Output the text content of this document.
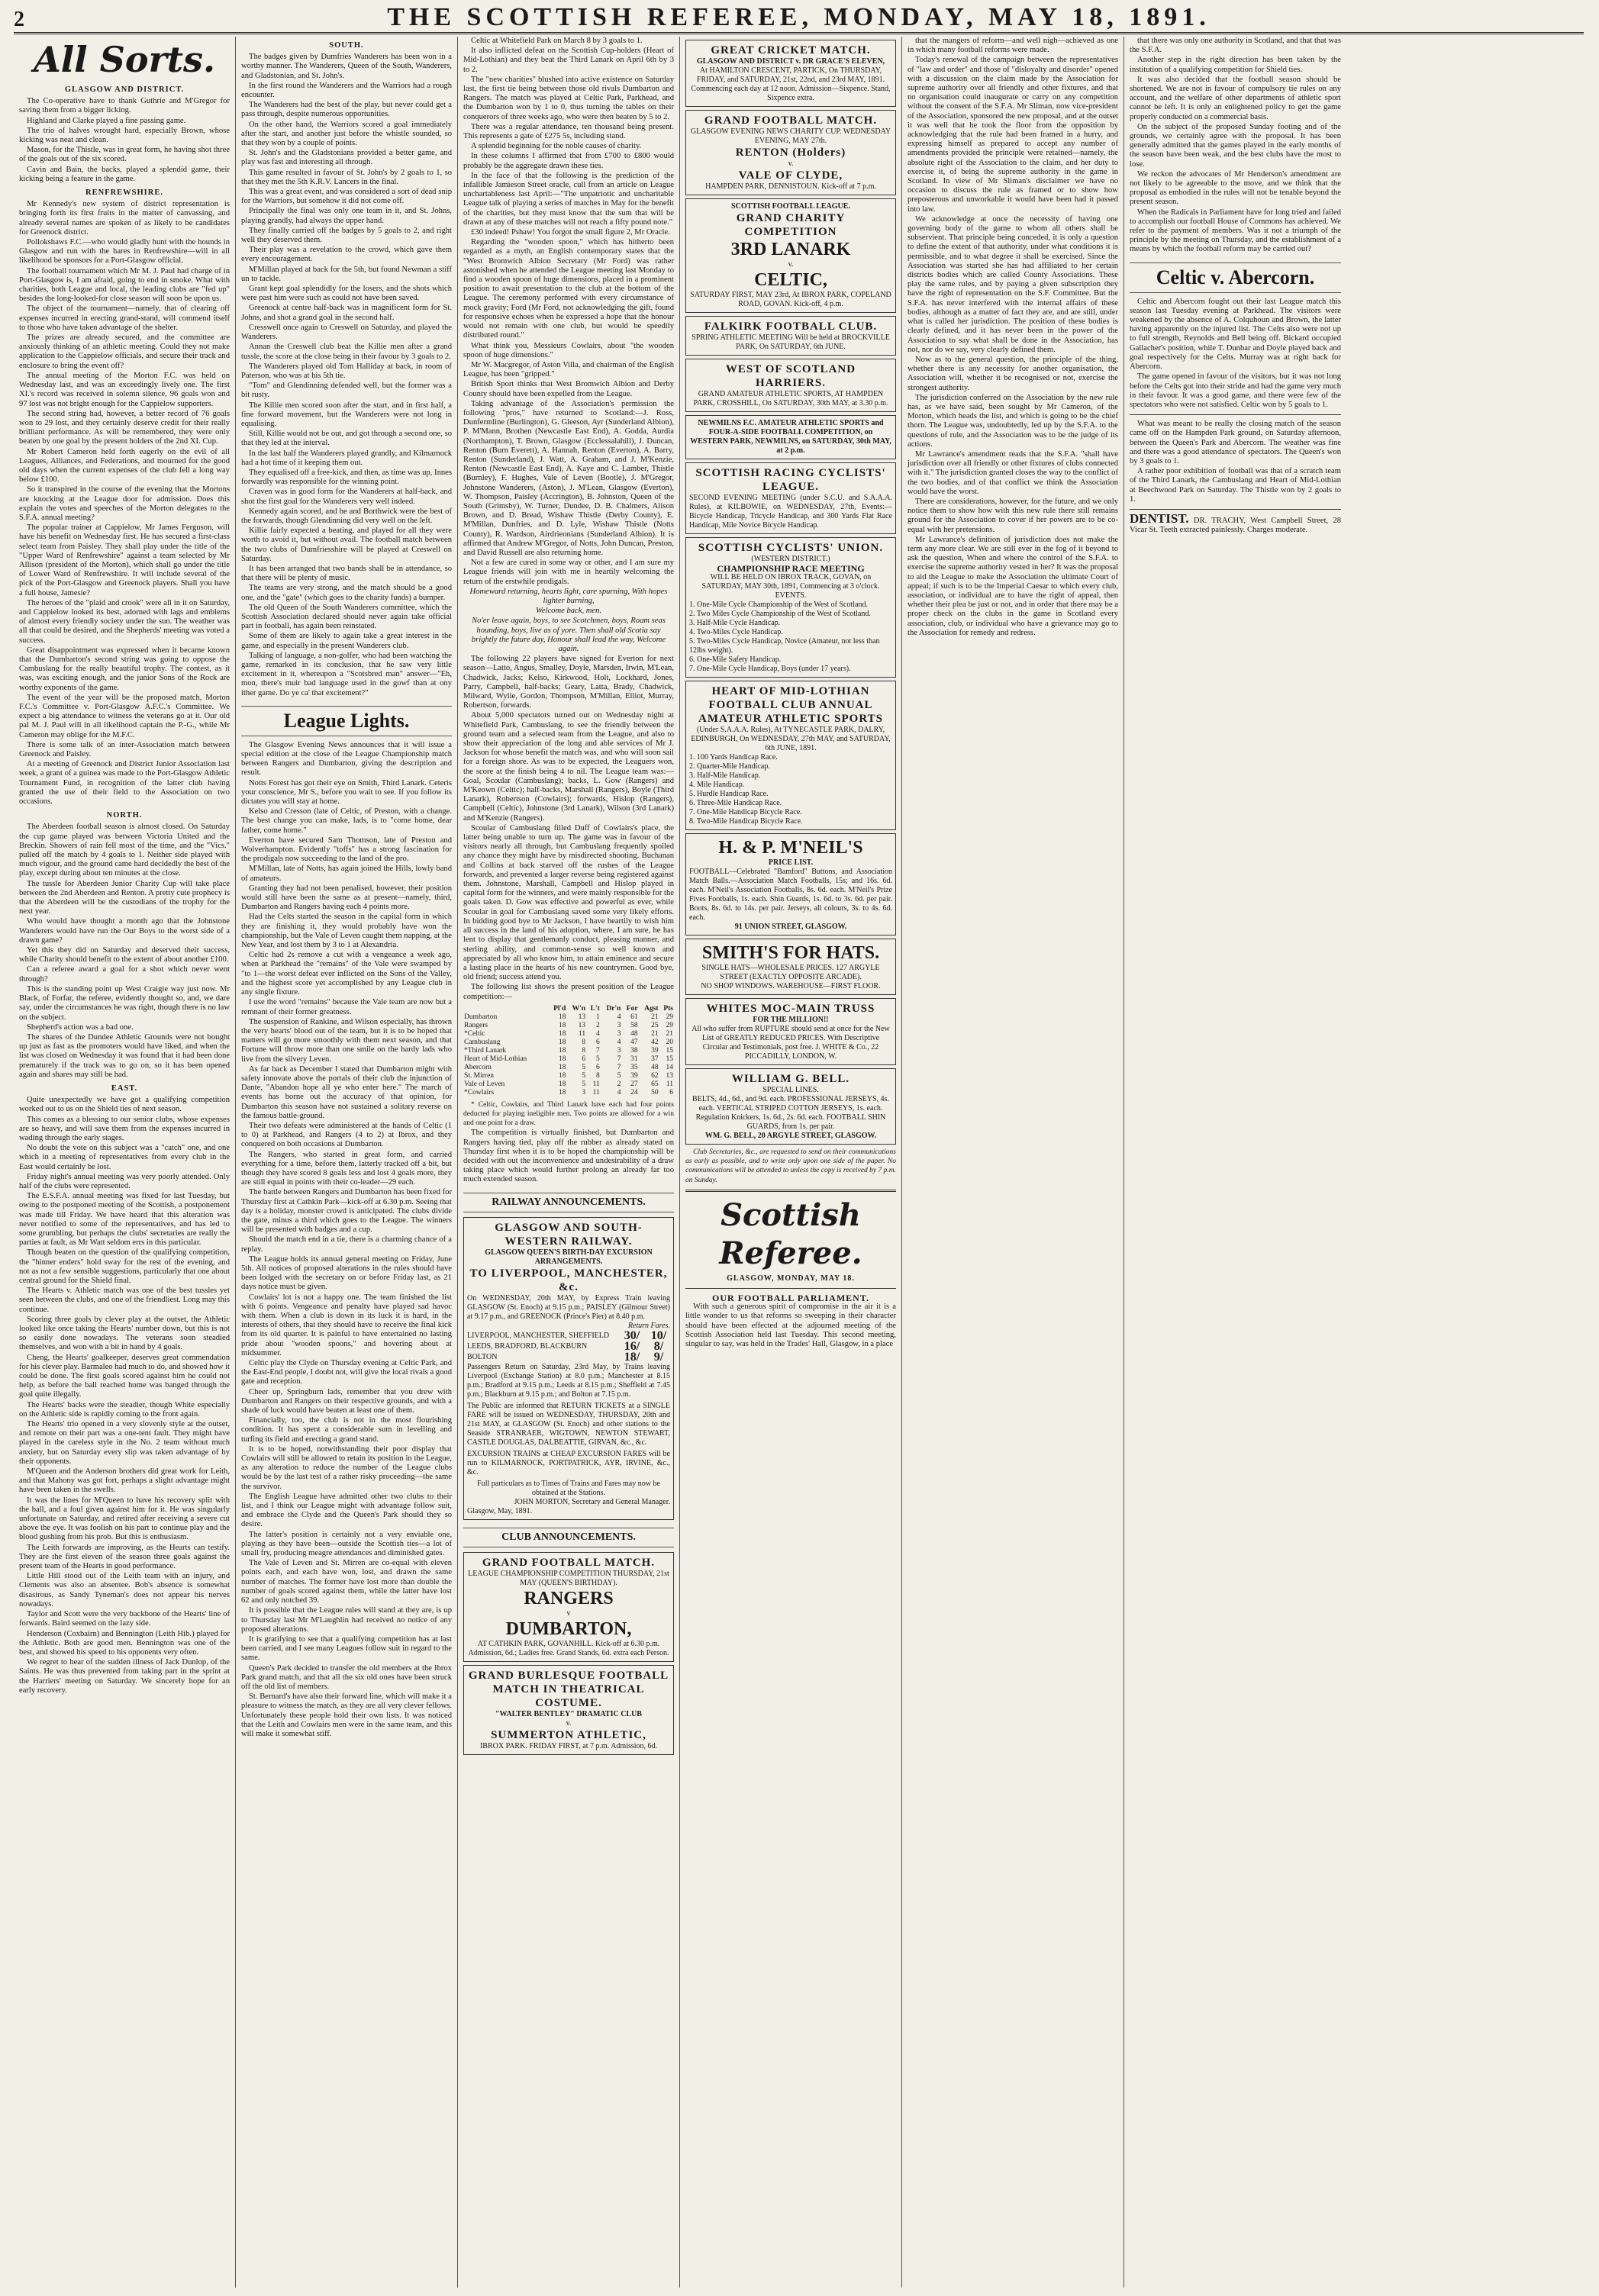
2	THE SCOTTISH REFEREE, MONDAY, MAY 18, 1891.
All Sorts.
GLASGOW AND DISTRICT.

The Co-operative have to thank Guthrie and M'Gregor for saving them from a bigger licking.

Highland and Clarke played a fine passing game.

The trio of halves wrought hard, especially Brown, whose kicking was neat and clean.

Mason, for the Thistle, was in great form, he having shot three of the goals out of the six scored.

Cavin and Bain, the backs, played a splendid game, their kicking being a feature in the game.

RENFREWSHIRE.

Mr Kennedy's new system of district representation is bringing forth its first fruits in the matter of canvassing, and already several names are spoken of as likely to be candidates for Greenock district.

Pollokshaws F.C.—who would gladly hunt with the hounds in Glasgow and run with the hares in Renfrewshire—will in all likelihood be sponsors for a Port-Glasgow official.

The football tournament which Mr M. J. Paul had charge of in Port-Glasgow is, I am afraid, going to end in smoke. What with charities, both League and local, the leading clubs are "fed up" besides the long-looked-for close season will soon be upon us.

The object of the tournament—namely, that of clearing off expenses incurred in erecting grand-stand, will commend itself to those who have taken advantage of the shelter.

The prizes are already secured, and the committee are anxiously thinking of an athletic meeting. Could they not make application to the Cappielow officials, and secure their track and enclosure to bring the event off?

The annual meeting of the Morton F.C. was held on Wednesday last, and was an exceedingly lively one. The first XI.'s record was received in solemn silence, 96 goals won and 97 lost was not bright enough for the Cappielow supporters.

The second string had, however, a better record of 76 goals won to 29 lost, and they certainly deserve credit for their really brilliant performance. As will be remembered, they were only beaten by one goal by the present holders of the 2nd XI. Cup.

Mr Robert Cameron held forth eagerly on the evil of all Leagues, Alliances, and Federations, and mourned for the good old days when the current expenses of the club fell a long way below £100.

So it transpired in the course of the evening that the Mortons are knocking at the League door for admission. Does this explain the votes and speeches of the Morton delegates to the S.F.A. annual meeting?

The popular trainer at Cappielow, Mr James Ferguson, will have his benefit on Wednesday first. He has secured a first-class select team from Paisley. They shall play under the title of the "Upper Ward of Renfrewshire" against a team selected by Mr Allison (president of the Morton), which shall go under the title of Lower Ward of Renfrewshire. It will include several of the pick of the Port-Glasgow and Greenock players. Shall you have a full house, Jamesie?

The heroes of the "plaid and crook" were all in it on Saturday, and Cappielow looked its best, adorned with lags and emblems of almost every friendly society under the sun. The weather was all that could be desired, and the Shepherds' meeting was voted a success.

Great disappointment was expressed when it became known that the Dumbarton's second string was going to oppose the Cambuslang for the really beautiful trophy. The contest, as it was, was exciting enough, and the junior Sons of the Rock are worthy exponents of the game.

The event of the year will be the proposed match, Morton F.C.'s Committee v. Port-Glasgow A.F.C.'s Committee. We expect a big attendance to witness the veterans go at it. Our old pal M. J. Paul will in all likelihood captain the P.-G., while Mr Cameron may oblige for the M.F.C.

There is some talk of an inter-Association match between Greenock and Paisley.

At a meeting of Greenock and District Junior Association last week, a grant of a guinea was made to the Port-Glasgow Athletic Tournament Fund, in recognition of the latter club having granted the use of their field to the Association on two occasions.

NORTH.

The Aberdeen football season is almost closed. On Saturday the cup game played was between Victoria United and the Breckin. Showers of rain fell most of the time, and the "Vics." pulled off the match by 4 goals to 1. Neither side played with much vigour, and the ground came hard decidedly the best of the play, except during about ten minutes at the close.

The tussle for Aberdeen Junior Charity Cup will take place between the 2nd Aberdeen and Renton. A pretty cute prophecy is that the Aberdeen will be the custodians of the trophy for the next year.

Who would have thought a month ago that the Johnstone Wanderers would have run the Our Boys to the worst side of a drawn game?

Yet this they did on Saturday and deserved their success, while Charity should benefit to the extent of about another £100.

Can a referee award a goal for a shot which never went through?

This is the standing point up West Craigie way just now. Mr Black, of Forfar, the referee, evidently thought so, and, we dare say, under the circumstances he was right, though there is no law on the subject.

Shepherd's action was a bad one.

The shares of the Dundee Athletic Grounds were not bought up just as fast as the promoters would have liked, and when the list was closed on Wednesday it was found that it had been done prematurely if the track was to go on, so it has been opened again and shares may still be had.

EAST.

Quite unexpectedly we have got a qualifying competition worked out to us on the Shield ties of next season.

This comes as a blessing to our senior clubs, whose expenses are so heavy, and will save them from the expenses incurred in wading through the early stages.

No doubt the vote on this subject was a "catch" one, and one which in a meeting of representatives from every club in the East would certainly be lost.

Friday night's annual meeting was very poorly attended. Only half of the clubs were represented.

The E.S.F.A. annual meeting was fixed for last Tuesday, but owing to the postponed meeting of the Scottish, a postponement was made till Friday. We have heard that this alteration was never notified to some of the representatives, and has led to some grumbling, but perhaps the clubs' secretaries are really the parties at fault, as Mr Watt seldom errs in this particular.

Though beaten on the question of the qualifying competition, the "hinner enders" hold sway for the rest of the evening, and not as not a few sensible suggestions, particularly that one about central ground for the Shield final.

The Hearts v. Athletic match was one of the best tussles yet seen between the clubs, and one of the friendliest. Long may this continue.

Scoring three goals by clever play at the outset, the Athletic looked like once taking the Hearts' number down, but this is not so easily done nowadays. The veterans soon steadied themselves, and won with a bit in hand by 4 goals.

Cheng, the Hearts' goalkeeper, deserves great commendation for his clever play. Barmaleo had much to do, and showed how it could be done. The first goals scored against him he could not help, as before the ball reached home was banged through the goal quite illegally.

The Hearts' backs were the steadier, though White especially on the Athletic side is rapidly coming to the front again.

The Hearts' trio opened in a very slovenly style at the outset, and remote on their part was a one-tent fault. They might have played in the careless style in the No. 2 team without much anxiety, but on Saturday every slip was taken advantage of by their opponents.

M'Queen and the Anderson brothers did great work for Leith, and that Mahony was got fort, perhaps a slight advantage might have been taken in the swells.

It was the lines for M'Queen to have his recovery split with the ball, and a foul given against him for it. He was singularly unfortunate on Saturday, and retired after receiving a severe cut above the eye. It was foolish on his part to continue play and the blood gushing from his prob. But this is enthusiasm.

The Leith forwards are improving, as the Hearts can testify. They are the first eleven of the season three goals against the present team of the Hearts in good performance.

Little Hill stood out of the Leith team with an injury, and Clements was also an absentee. Bob's absence is somewhat disastrous, as Sandy Tyneman's does not appear his nerves nowadays.

Taylor and Scott were the very backbone of the Hearts' line of forwards. Baird seemed on the lazy side.

Henderson (Coxbairn) and Bennington (Leith Hib.) played for the Athletic. Both are good men. Bennington was one of the best, and showed his speed to his opponents very often.

We regret to hear of the sudden illness of Jack Dunlop, of the Saints. He was thus prevented from taking part in the sprint at the Harriers' meeting on Saturday. We sincerely hope for an early recovery.

SOUTH.

The badges given by Dumfries Wanderers has been won in a worthy manner. The Wanderers, Queen of the South, Wanderers, and Gladstonian, and St. John's.

In the first round the Wanderers and the Warriors had a rough encounter.

The Wanderers had the best of the play, but never could get a pass through, despite numerous opportunities.

On the other hand, the Warriors scored a goal immediately after the start, and another just before the whistle sounded, so that they won by a couple of points.

St. John's and the Gladstonians provided a better game, and play was fast and interesting all through.

This game resulted in favour of St. John's by 2 goals to 1, so that they met the 5th K.R.V. Lancers in the final.

This was a great event, and was considered a sort of dead snip for the Warriors, but somehow it did not come off.

Principally the final was only one team in it, and St. Johns, playing grandly, had always the upper hand.

They finally carried off the badges by 5 goals to 2, and right well they deserved them.

Their play was a revelation to the crowd, which gave them every encouragement.

M'Millan played at back for the 5th, but found Newman a stiff un to tackle.

Grant kept goal splendidly for the losers, and the shots which were past him were such as could not have been saved.

Greenock at centre half-back was in magnificent form for St. Johns, and shot a grand goal in the second half.

Cresswell once again to Creswell on Saturday, and played the Wanderers.

Annan the Creswell club beat the Killie men after a grand tussle, the score at the close being in their favour by 3 goals to 2.

The Wanderers played old Tom Halliday at back, in room of Paterson, who was at his 5th tie.

"Tom" and Glendinning defended well, but the former was a bit rusty.

The Killie men scored soon after the start, and in first half, a fine forward movement, but the Wanderers were not long in equalising.

Still, Killie would not be out, and got through a second one, so that they led at the interval.

In the last half the Wanderers played grandly, and Kilmarnock had a hot time of it keeping them out.

They equalised off a free-kick, and then, as time was up, Innes forwardly was responsible for the winning point.

Craven was in good form for the Wanderers at half-back, and shot the first goal for the Wanderers very well indeed.

Kennedy again scored, and he and Borthwick were the best of the forwards, though Glendinning did very well on the left.

Killie fairly expected a beating, and played for all they were worth to avoid it, but without avail. The football match between the two clubs of Dumfriesshire will be played at Creswell on Saturday.

It has been arranged that two bands shall be in attendance, so that there will be plenty of music.

The teams are very strong, and the match should be a good one, and the "gate" (which goes to the charity funds) a bumper.

The old Queen of the South Wanderers committee, which the Scottish Association declared should never again take official part in football, has again been reinstated.

Some of them are likely to again take a great interest in the game, and especially in the present Wanderers club.

Talking of language, a non-golfer, who had been watching the game, remarked in its conclusion, that he saw very little excitement in it, whereupon a "Scotsbred man" answer—"Eh, mon, there's muir bad language used in the gowf than at ony ither game. Do ye ca' that excitement?"

League Lights.

The Glasgow Evening News announces that it will issue a special edition at the close of the League Championship match between Rangers and Dumbarton, giving the description and result.

Notts Forest has got their eye on Smith, Third Lanark. Ceteris your conscience, Mr S., before you wait to see. If you follow its dictates you will stay at home.

Kelso and Cresson (late of Celtic, of Preston, with a change. The best change you can make, lads, is to "come home, dear father, come home."

Everton have secured Sam Thomson, late of Preston and Wolverhampton. Evidently "toffs" has a strong fascination for the prodigals now succeeding to the land of the pro.

M'Millan, late of Notts, has again joined the Hills, lowly band of amateurs.

Granting they had not been penalised, however, their position would still have been the same as at present—namely, third, Dumbarton and Rangers having each 4 points more.

Had the Celts started the season in the capital form in which they are finishing it, they would probably have won the championship, but the Vale of Leven caught them napping, at the New Year, and lost them by 3 to 1 at Alexandria.

Celtic had 2s remove a cut with a vengeance a week ago, when at Parkhead the "remains" of the Vale were swamped by "to 1—the worst defeat ever inflicted on the Sons of the Valley, and the highest score yet accomplished by any League club in any single fixture.

I use the word "remains" because the Vale team are now but a remnant of their former greatness.

The suspension of Rankine, and Wilson especially, has thrown the very hearts' blood out of the team, but it is to be hoped that matters will go more smoothly with them next season, and that Fortune will throw more than one smile on the hardy lads who live from the silvery Leven.

As far back as December I stated that Dumbarton might with safety innovate above the portals of their club the injunction of Dante, "Abandon hope all ye who enter here." The march of events has borne out the accuracy of that opinion, for Dumbarton this season have not sustained a solitary reverse on the famous battle-ground.

Their two defeats were administered at the hands of Celtic (1 to 0) at Parkhead, and Rangers (4 to 2) at Ibrox, and they conquered on both occasions at Dumbarton.

The Rangers, who started in great form, and carried everything for a time, before them, latterly tracked off a bit, but though they have scored 8 goals less and lost 4 goals more, they are still equal in points with their co-leader—29 each.

The battle between Rangers and Dumbarton has been fixed for Thursday first at Cathkin Park—kick-off at 6.30 p.m. Seeing that day is a holiday, monster crowd is anticipated. The clubs divide the gate, minus a third which goes to the League. The winners will be presented with badges and a cup.

Should the match end in a tie, there is a charming chance of a replay.

The League holds its annual general meeting on Friday, June 5th. All notices of proposed alterations in the rules should have been lodged with the secretary on or before Friday last, as 21 days notice must be given.

Cowlairs' lot is not a happy one. The team finished the list with 6 points. Vengeance and penalty have played sad havoc with them. When a club is down in its luck it is hard, in the interests of others, that they should have to receive the final kick from its old quarter. It is painful to have entertained no lasting pride about "wooden spoons," and hovering about at midsummer.

Celtic play the Clyde on Thursday evening at Celtic Park, and the East-End people, I doubt not, will give the local rivals a good gate and reception.

Cheer up, Springburn lads, remember that you drew with Dumbarton and Rangers on their respective grounds, and with a shade of luck would have beaten at least one of them.

Financially, too, the club is not in the most flourishing condition. It has spent a considerable sum in levelling and turfing its field and erecting a grand stand.

It is to be hoped, notwithstanding their poor display that Cowlairs will still be allowed to retain its position in the League, as any alteration to reduce the number of the League clubs would be by the last test of a rather risky proceeding—the same the survivor.

The English League have admitted other two clubs to their list, and I think our League might with advantage follow suit, and embrace the Clyde and the Queen's Park should they so desire.

The latter's position is certainly not a very enviable one, playing as they have been—outside the Scottish ties—a lot of small fry, producing meagre attendances and diminished gates.

The Vale of Leven and St. Mirren are co-equal with eleven points each, and each have won, lost, and drawn the same number of matches. The former have lost more than double the number of goals scored against them, while the latter have lost 62 and only notched 39.

It is possible that the League rules will stand at they are, is up to Thursday last Mr M'Laughlin had received no notice of any proposed alterations.

It is gratifying to see that a qualifying competition has at last been carried, and I see many Leagues follow suit in regard to the same.

Queen's Park decided to transfer the old members at the Ibrox Park grand match, and that all the six old ones have been struck off the old list of members.

St. Bernard's have also their forward line, which will make it a pleasure to witness the match, as they are all very clever fellows. Unfortunately these people hold their own lists. It was noticed that the Leith and Cowlairs men were in the same team, and this will make it somewhat stiff.

Celtic at Whitefield Park on March 8 by 3 goals to 1.

It also inflicted defeat on the Scottish Cup-holders (Heart of Mid-Lothian) and they beat the Third Lanark on April 6th by 3 to 2.

The "new charities" blushed into active existence on Saturday last, the first tie being between those old rivals Dumbarton and Rangers. The match was played at Celtic Park, Parkhead, and the Dumbarton won by 1 to 0, thus turning the tables on their conquerors of three weeks ago, who were then beaten by 5 to 2.

There was a regular attendance, ten thousand being present. This represents a gate of £275 5s, including stand.

A splendid beginning for the noble causes of charity.

In these columns I affirmed that from £700 to £800 would probably be the aggregate drawn these ties.

In the face of that the following is the prediction of the infallible Jamieson Street oracle, cull from an article on League unchartableness last April:—"The unpatriotic and uncharitable League talk of playing a series of matches in May for the benefit of the charities, but they must know that the sum that will be drawn at any of these matches will not reach a fifty pound note."

£30 indeed! Pshaw! You forgot the small figure 2, Mr Oracle.

Regarding the "wooden spoon," which has hitherto been regarded as a myth, an English contemporary states that the "West Bromwich Albion Secretary (Mr Ford) was rather astonished when he attended the League meeting last Monday to find a wooden spoon of huge dimensions, placed in a prominent position to await presentation to the club at the bottom of the League. The ceremony performed with every circumstance of mock gravity; Ford (Mr Ford, not acknowledging the gift, found for responsive echoes when he expressed a hope that the honour would not remain with one club, but would be speedily distributed round."

What think you, Messieurs Cowlairs, about "the wooden spoon of huge dimensions."

Mr W. Macgregor, of Aston Villa, and chairman of the English League, has been "gripped."

British Sport thinks that West Bromwich Albion and Derby County should have been expelled from the League.

Taking advantage of the Association's permission the following "pros," have returned to Scotland:—J. Ross, Dunfermline (Burlington), G. Gleeson, Ayr (Sunderland Albion), P. M'Mann, Brothen (Newcastle East End), A. Godda, Aurdia (Northampton), T. Brown, Glasgow (Ecclessalahill), J. Duncan, Renton (Burn Everett), A. Hannah, Renton (Everton), A. Barry, Renton (Sunderland), J. Watt, A. Graham, and J. M'Kenzie, Renton (Newcastle East End), A. Kaye and C. Lamber, Thistle (Burnley), F. Hughes, Vale of Leven (Bootle), J. M'Gregor, Johnstone Wanderers, (Aston), J. M'Lean, Glasgow (Everton), W. Thompson, Paisley (Accrington), B. Johnston, Queen of the South (Grimsby), W. Turner, Dundee, D. B. Chalmers, Alison Brown, and D. Bread, Wishaw Thistle (Derby County), E. M'Millan, Dunfries, and D. Lyle, Wishaw Thistle (Notts County), R. Wardson, Airdrieonians (Sunderland Albion). It is affirmed that Andrew M'Gregor, of Notts, John Duncan, Preston, and David Russell are also returning home.

Not a few are cured in some way or other, and I am sure my League friends will join with me in heartily welcoming the return of the erstwhile prodigals.

Homeward returning, hearts light, care spurning, With hopes lighter burning,

Welcome back, men.

No'er leave again, boys, to see Scotchmen, boys, Roam seas hounding, boys, live as of yore. Then shall old Scotia say brightly the future day, Honour shall lead the way, Welcome again.

The following 22 players have signed for Everton for next season—Latto, Angus, Smalley, Doyle, Marsden, Irwin, M'Lean, Chadwick, Jacks; Kelso, Kirkwood, Holt, Lockhard, Jones, Parry, Campbell, half-backs; Geary, Latta, Brady, Chadwick, Milward, Wylie, Gordon, Thompson, M'Millan, Elliot, Murray, Robertson, forwards.

About 5,000 spectators turned out on Wednesday night at Whitefield Park, Cambuslang, to see the friendly between the ground team and a selected team from the League, and also to show their appreciation of the long and able services of Mr J. Jackson for whose benefit the match was, and who will soon sail for a foreign shore. As was to be expected, the Leaguers won, the score at the finish being 4 to nil. The League team was:—Goal, Scoular (Cambuslang); backs, L. Gow (Rangers) and M'Keown (Celtic); half-backs, Marshall (Rangers), Boyle (Third Lanark), Robertson (Cowlairs); forwards, Hislop (Rangers), Campbell (Celtic), Johnstone (3rd Lanark), Wilson (3rd Lanark) and M'Kenzie (Rangers).

Scoular of Cambuslang filled Duff of Cowlairs's place, the latter being unable to turn up. The game was in favour of the visitors nearly all through, but Cambuslang frequently spoiled any chance they might have by misdirected shooting. Buchanan and Collins at back starved off the rushes of the League forwards, and prevented a larger reverse being registered against them. Johnstone, Marshall, Campbell and Hislop played in capital form for the winners, and were mainly responsible for the goals taken. D. Gow was effective and powerful as ever, while Scoular in goal for Cambuslang saved some very likely efforts. In bidding good bye to Mr Jackson, I have heartily to wish him all success in the land of his adoption, where, I am sure, he has lent to display that gentlemanly conduct, pleasing manner, and sterling ability, and common-sense so well known and appreciated by all who know him, to attain eminence and secure a lasting place in the hearts of his new countrymen. Good bye, old friend; success attend you.

The following list shows the present position of the League competition:—

	Pl'd	W'n	L't	Dr'n	For	Agst	Pts
Dumbarton	18	13	1	4	61	21	29
Rangers	18	13	2	3	58	25	29
*Celtic	18	11	4	3	48	21	21
Cambuslang	18	8	6	4	47	42	20
*Third Lanark	18	8	7	3	38	39	15
Heart of Mid-Lothian	18	6	5	7	31	37	15
Abercorn	18	5	6	7	35	48	14
St. Mirren	18	5	8	5	39	62	13
Vale of Leven	18	5	11	2	27	65	11
*Cowlairs	18	3	11	4	24	50	6

* Celtic, Cowlairs, and Third Lanark have each had four points deducted for playing ineligible men. Two points are allowed for a win and one point for a draw.

The competition is virtually finished, but Dumbarton and Rangers having tied, play off the rubber as already stated on Thursday first when it is to be hoped the championship will be decided with out the inconvenience and undesirability of a draw taking place which would further prolong an already far too much extended season.

RAILWAY ANNOUNCEMENTS.
GLASGOW AND SOUTH-WESTERN RAILWAY.
GLASGOW QUEEN'S BIRTH-DAY EXCURSION ARRANGEMENTS.
TO LIVERPOOL, MANCHESTER, &c.
On WEDNESDAY, 20th MAY, by Express Train leaving GLASGOW (St. Enoch) at 9.15 p.m.; PAISLEY (Gilmour Street) at 9.17 p.m., and GREENOCK (Prince's Pier) at 8.40 p.m.
Return Fares.
LIVERPOOL, MANCHESTER, SHEFFIELD	30/ 10/
LEEDS, BRADFORD, BLACKBURN	16/	8/
BOLTON	18/	9/
Passengers Return on Saturday, 23rd May, by Trains leaving Liverpool (Exchange Station) at 8.0 p.m.; Manchester at 8.15 p.m.; Bradford at 9.15 p.m.; Leeds at 8.15 p.m.; Sheffield at 7.45 p.m.; Blackburn at 9.15 p.m.; and Bolton at 7.15 p.m.
The Public are informed that RETURN TICKETS at a SINGLE FARE will be issued on WEDNESDAY, THURSDAY, 20th and 21st MAY, at GLASGOW (St. Enoch) and other stations to the Seaside STRANRAER, WIGTOWN, NEWTON STEWART, CASTLE DOUGLAS, DALBEATTIE, GIRVAN, &c., &c.
EXCURSION TRAINS at CHEAP EXCURSION FARES will be run to KILMARNOCK, PORTPATRICK, AYR, IRVINE, &c., &c.
Full particulars as to Times of Trains and Fares may now be obtained at the Stations.
JOHN MORTON, Secretary and General Manager.
Glasgow, May, 1891.
CLUB ANNOUNCEMENTS.
GRAND FOOTBALL MATCH.
LEAGUE CHAMPIONSHIP COMPETITION THURSDAY, 21st MAY (QUEEN'S BIRTHDAY).
RANGERS
v
DUMBARTON,
AT CATHKIN PARK, GOVANHILL. Kick-off at 6.30 p.m.
Admission, 6d.; Ladies free. Grand Stands, 6d. extra each Person.
GRAND BURLESQUE FOOTBALL MATCH IN THEATRICAL COSTUME.
"WALTER BENTLEY" DRAMATIC CLUB
v.
SUMMERTON ATHLETIC,
IBROX PARK. FRIDAY FIRST, at 7 p.m. Admission, 6d.
GREAT CRICKET MATCH.
GLASGOW AND DISTRICT v. DR GRACE'S ELEVEN,
At HAMILTON CRESCENT, PARTICK, On THURSDAY, FRIDAY, and SATURDAY, 21st, 22nd, and 23rd MAY, 1891. Commencing each day at 12 noon. Admission—Sixpence. Stand, Sixpence extra.
GRAND FOOTBALL MATCH.
GLASGOW EVENING NEWS CHARITY CUP. WEDNESDAY EVENING, MAY 27th.
RENTON (Holders)
v.
VALE OF CLYDE,
HAMPDEN PARK, DENNISTOUN. Kick-off at 7 p.m.
SCOTTISH FOOTBALL LEAGUE.
GRAND CHARITY COMPETITION
3RD LANARK
v.
CELTIC,
SATURDAY FIRST, MAY 23rd, At IBROX PARK, COPELAND ROAD, GOVAN. Kick-off, 4 p.m.
FALKIRK FOOTBALL CLUB.
SPRING ATHLETIC MEETING Will be held at BROCKVILLE PARK, On SATURDAY, 6th JUNE.
WEST OF SCOTLAND HARRIERS.
GRAND AMATEUR ATHLETIC SPORTS, AT HAMPDEN PARK, CROSSHILL, On SATURDAY, 30th MAY, at 3.30 p.m.
NEWMILNS F.C. AMATEUR ATHLETIC SPORTS and FOUR-A-SIDE FOOTBALL COMPETITION, on WESTERN PARK, NEWMILNS, on SATURDAY, 30th MAY, at 2 p.m.
SCOTTISH RACING CYCLISTS' LEAGUE.
SECOND EVENING MEETING (under S.C.U. and S.A.A.A. Rules), at KILBOWIE, on WEDNESDAY, 27th, Events:—Bicycle Handicap, Tricycle Handicap, and 300 Yards Flat Race Handicap, Mile Novice Bicycle Handicap.
SCOTTISH CYCLISTS' UNION.
(WESTERN DISTRICT.)
CHAMPIONSHIP RACE MEETING
WILL BE HELD ON IBROX TRACK, GOVAN, on SATURDAY, MAY 30th, 1891, Commencing at 3 o'clock. EVENTS.
1. One-Mile Cycle Championship of the West of Scotland.
2. Two Miles Cycle Championship of the West of Scotland.
3. Half-Mile Cycle Handicap.
4. Two-Miles Cycle Handicap.
5. Two-Miles Cycle Handicap, Novice (Amateur, not less than 12lbs weight).
6. One-Mile Safety Handicap.
7. One-Mile Cycle Handicap, Boys (under 17 years).
HEART OF MID-LOTHIAN FOOTBALL CLUB ANNUAL AMATEUR ATHLETIC SPORTS
(Under S.A.A.A. Rules), At TYNECASTLE PARK, DALRY, EDINBURGH, On WEDNESDAY, 27th MAY, and SATURDAY, 6th JUNE, 1891.
1. 100 Yards Handicap Race.
2. Quarter-Mile Handicap.
3. Half-Mile Handicap.
4. Mile Handicap.
5. Hurdle Handicap Race.
6. Three-Mile Handicap Race.
7. One-Mile Handicap Bicycle Race.
8. Two-Mile Handicap Bicycle Race.
H. & P. M'NEIL'S
PRICE LIST.
FOOTBALL—Celebrated "Bamford" Buttons, and Association Match Balls.—Association Match Footballs, 15s; and 16s. 6d. each. M'Neil's Association Footballs, 8s. 6d. each. M'Neil's Prize Fives Footballs, 1s. each. Shin Guards, 1s. 6d. to 3s. 6d. per pair. Boots, 8s. 6d. to 14s. per pair. Jerseys, all colours, 3s. to 4s. 6d. each.
91 UNION STREET, GLASGOW.
SMITH'S FOR HATS.
SINGLE HATS—WHOLESALE PRICES. 127 ARGYLE STREET (EXACTLY OPPOSITE ARCADE).
NO SHOP WINDOWS. WAREHOUSE—FIRST FLOOR.
WHITES MOC-MAIN TRUSS
FOR THE MILLION!!
All who suffer from RUPTURE should send at once for the New List of GREATLY REDUCED PRICES. With Descriptive Circular and Testimonials, post free. J. WHITE & Co., 22 PICCADILLY, LONDON, W.
WILLIAM G. BELL.
SPECIAL LINES.
BELTS, 4d., 6d., and 9d. each. PROFESSIONAL JERSEYS, 4s. each. VERTICAL STRIPED COTTON JERSEYS, 1s. each. Regulation Knickers, 1s. 6d., 2s. 6d. each. FOOTBALL SHIN GUARDS, from 1s. per pair.
WM. G. BELL, 20 ARGYLE STREET, GLASGOW.

Club Secretaries, &c., are requested to send on their communications as early as possible, and to write only upon one side of the paper. No communications will be attended to unless the copy is received by 7 p.m. on Sunday.

Scottish Referee.
GLASGOW, MONDAY, MAY 18.
OUR FOOTBALL PARLIAMENT.

With such a generous spirit of compromise in the air it is a little wonder to us that reforms so sweeping in their character should have been effected at the adjourned meeting of the Scottish Association held last Tuesday. This second meeting, singular to say, was held in the Trades' Hall, Glasgow, in a place

that the mangers of reform—and well nigh—achieved as one in which many football reforms were made.

Today's renewal of the campaign between the representatives of "law and order" and those of "disloyalty and disorder" opened with a discussion on the claim made by the Association for supreme authority over all friendly and other fixtures, and that no organisation could inaugurate or carry on any competition without the consent of the S.F.A. Mr Sliman, now vice-president of the Association, sponsored the new proposal, and at the outset it was well that he took the floor from the opposition by acknowledging that the rule had been framed in a hurry, and expressing himself as prepared to accept any number of amendments provided the principle were retained—namely, the absolute right of the Association to the claim, and her duty to exercise it, of being the supreme authority in the game in Scotland. In view of Mr Sliman's disclaimer we have no occasion to discuss the rule as framed or to show how preposterous and unworkable it would have been had it passed into law.

We acknowledge at once the necessity of having one governing body of the game to whom all others shall be subservient. That principle being conceded, it is only a question to define the extent of that authority, under what conditions it is permissible, and to what degree it shall be exercised. Since the Association was started she has had affiliated to her certain districts bodies which are called County Associations. These play the same rules, and by paying a given subscription they have the right of representation on the S.F. Committee. But the S.F.A. has never interfered with the internal affairs of these bodies, although as a matter of fact they are, and are still, under what is called her jurisdiction. The position of these bodies is clearly defined, and it has never been in the power of the Association to say what shall be done in the Association, has not, nor do we say, very clearly defined them.

Now as to the general question, the principle of the thing, whether there is any necessity for another organisation, the Association will, whether it be recognised or not, exercise the strongest authority.

The jurisdiction conferred on the Association by the new rule has, as we have said, been sought by Mr Cameron, of the Morton, which heads the list, and which is going to be the chief thorn. The League was, undoubtedly, led up by the S.F.A. to the questions of rule, and the Association was to be the judge of its actions.

Mr Lawrance's amendment reads that the S.F.A. "shall have jurisdiction over all friendly or other fixtures of clubs connected with it." The jurisdiction granted closes the way to the conflict of the two bodies, and of that conflict we think the Association would have the worst.

There are considerations, however, for the future, and we only notice them to show how with this new rule there still remains ground for the Association to cover if her powers are to be co-equal with her pretensions.

Mr Lawrance's definition of jurisdiction does not make the term any more clear. We are still ever in the fog of it beyond to ask the question, When and where the control of the S.F.A. to exercise the supreme authority vested in her? It was the proposal to aid the League to make the Association the ultimate Court of appeal; if such is to be the Imperial Caesar to which every club, association, or individual are to have the right of appeal, then whether their plea be just or not, and in order that there may be a proper check on the clubs in the game in Scotland every association, club, or individual who have a grievance may go to the Association for remedy and redress.

that there was only one authority in Scotland, and that that was the S.F.A.

Another step in the right direction has been taken by the institution of a qualifying competition for Shield ties.

It was also decided that the football season should be shortened. We are not in favour of compulsory tie rules on any account, and the welfare of other departments of athletic sport cannot be left. It is only an enlightened policy to get the game properly conducted on a commercial basis.

On the subject of the proposed Sunday footing and of the grounds, we certainly agree with the proposal. It has been generally admitted that the games played in the early months of the season have been weak, and the best clubs have the most to lose.

We reckon the advocates of Mr Henderson's amendment are not likely to be agreeable to the move, and we think that the proposal as embodied in the rules will not be tenable beyond the present season.

When the Radicals in Parliament have for long tried and failed to accomplish our football House of Commons has achieved. We refer to the payment of members. Was it not a triumph of the principle by the meeting on Thursday, and the establishment of a means by which the football reform may be carried out?

Celtic v. Abercorn.

Celtic and Abercorn fought out their last League match this season last Tuesday evening at Parkhead. The visitors were weakened by the absence of A. Colquhoun and Brown, the latter having apparently on the injured list. The Celts also were not up to full strength, Reynolds and Bell being off. Bickard occupied Gallacher's position, while T. Dunbar and Doyle played back and goal respectively for the Celts. Murray was at right back for Abercorn.

The game opened in favour of the visitors, but it was not long before the Celts got into their stride and had the game very much in their favour. It was a good game, and there were few of the spectators who were not satisfied. Celtic won by 5 goals to 1.

What was meant to be really the closing match of the season came off on the Hampden Park ground, on Saturday afternoon, between the Queen's Park and Abercorn. The weather was fine and there was a good attendance of spectators. The Queen's won by 3 goals to 1.

A rather poor exhibition of football was that of a scratch team of the Third Lanark, the Cambuslang and Heart of Mid-Lothian at Beechwood Park on Saturday. The Thistle won by 2 goals to 1.

DENTIST. DR. TRACHY, West Campbell Street, 28 Vicar St. Teeth extracted painlessly. Charges moderate.
